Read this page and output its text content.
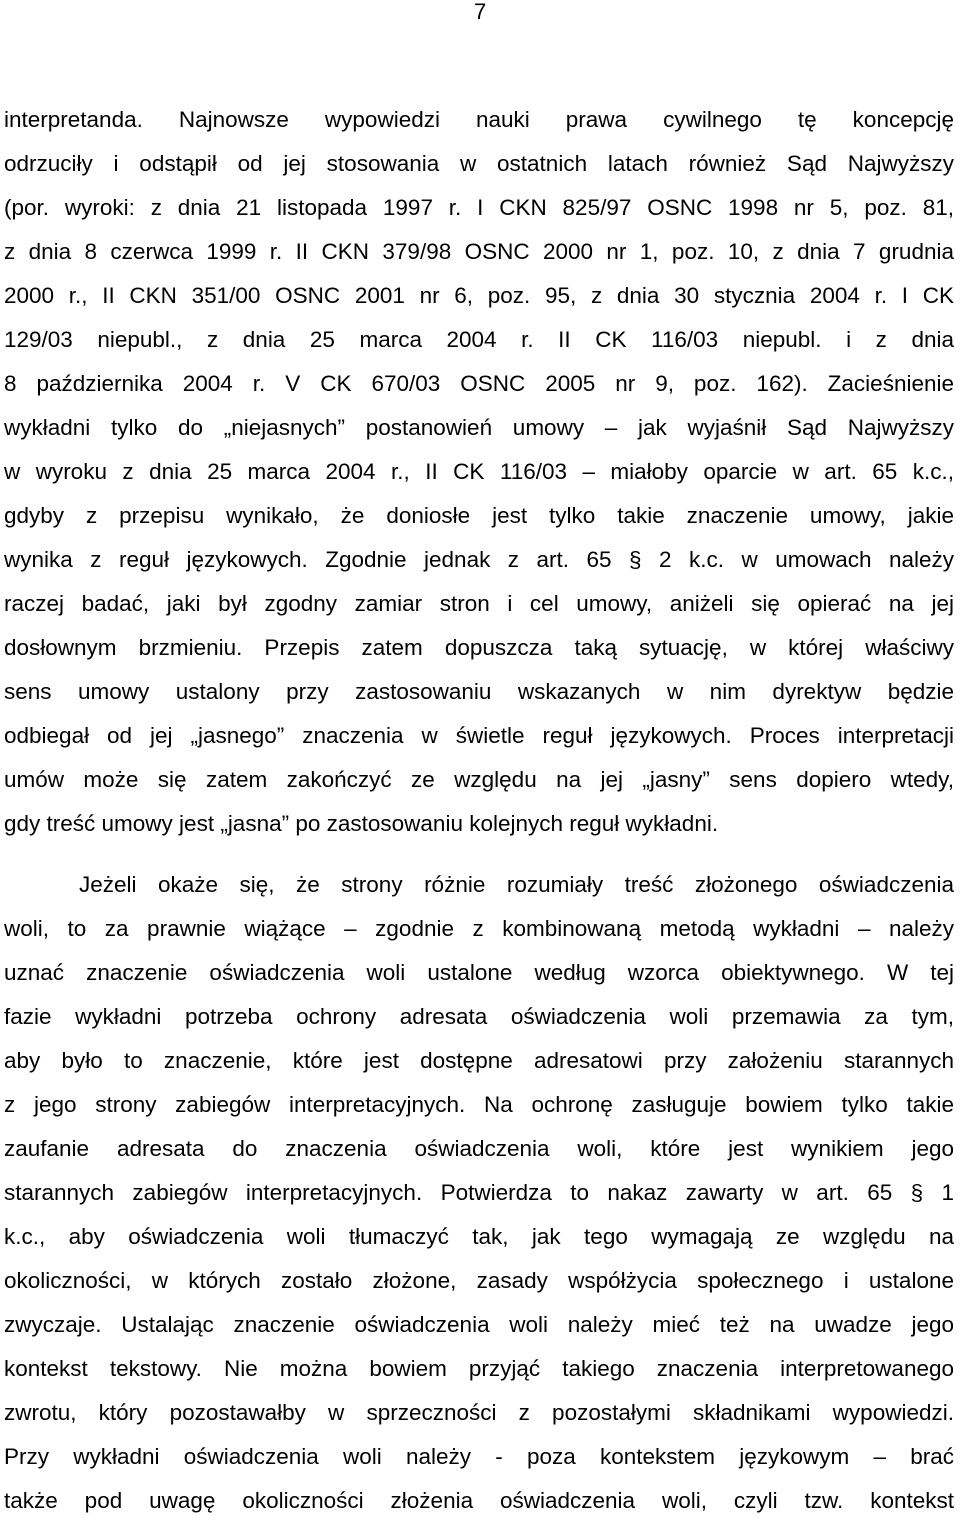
7
interpretanda. Najnowsze wypowiedzi nauki prawa cywilnego tę koncepcję
odrzuciły i odstąpił od jej stosowania w ostatnich latach również Sąd Najwyższy
(por. wyroki: z dnia 21 listopada 1997 r. I CKN 825/97 OSNC 1998 nr 5, poz. 81,
z dnia 8 czerwca 1999 r. II CKN 379/98 OSNC 2000 nr 1, poz. 10, z dnia 7 grudnia
2000 r., II CKN 351/00 OSNC 2001 nr 6, poz. 95, z dnia 30 stycznia 2004 r. I CK
129/03 niepubl., z dnia 25 marca 2004 r. II CK 116/03 niepubl. i z dnia
8 października 2004 r. V CK 670/03 OSNC 2005 nr 9, poz. 162). Zacieśnienie
wykładni tylko do „niejasnych” postanowień umowy – jak wyjaśnił Sąd Najwyższy
w wyroku z dnia 25 marca 2004 r., II CK 116/03 – miałoby oparcie w art. 65 k.c.,
gdyby z przepisu wynikało, że doniosłe jest tylko takie znaczenie umowy, jakie
wynika z reguł językowych. Zgodnie jednak z art. 65 § 2 k.c. w umowach należy
raczej badać, jaki był zgodny zamiar stron i cel umowy, aniżeli się opierać na jej
dosłownym brzmieniu. Przepis zatem dopuszcza taką sytuację, w której właściwy
sens umowy ustalony przy zastosowaniu wskazanych w nim dyrektyw będzie
odbiegał od jej „jasnego” znaczenia w świetle reguł językowych. Proces interpretacji
umów może się zatem zakończyć ze względu na jej „jasny” sens dopiero wtedy,
gdy treść umowy jest „jasna” po zastosowaniu kolejnych reguł wykładni.
Jeżeli okaże się, że strony różnie rozumiały treść złożonego oświadczenia
woli, to za prawnie wiążące – zgodnie z kombinowaną metodą wykładni – należy
uznać znaczenie oświadczenia woli ustalone według wzorca obiektywnego. W tej
fazie wykładni potrzeba ochrony adresata oświadczenia woli przemawia za tym,
aby było to znaczenie, które jest dostępne adresatowi przy założeniu starannych
z jego strony zabiegów interpretacyjnych. Na ochronę zasługuje bowiem tylko takie
zaufanie adresata do znaczenia oświadczenia woli, które jest wynikiem jego
starannych zabiegów interpretacyjnych. Potwierdza to nakaz zawarty w art. 65 § 1
k.c., aby oświadczenia woli tłumaczyć tak, jak tego wymagają ze względu na
okoliczności, w których zostało złożone, zasady współżycia społecznego i ustalone
zwyczaje. Ustalając znaczenie oświadczenia woli należy mieć też na uwadze jego
kontekst tekstowy. Nie można bowiem przyjąć takiego znaczenia interpretowanego
zwrotu, który pozostawałby w sprzeczności z pozostałymi składnikami wypowiedzi.
Przy wykładni oświadczenia woli należy - poza kontekstem językowym – brać
także pod uwagę okoliczności złożenia oświadczenia woli, czyli tzw. kontekst
